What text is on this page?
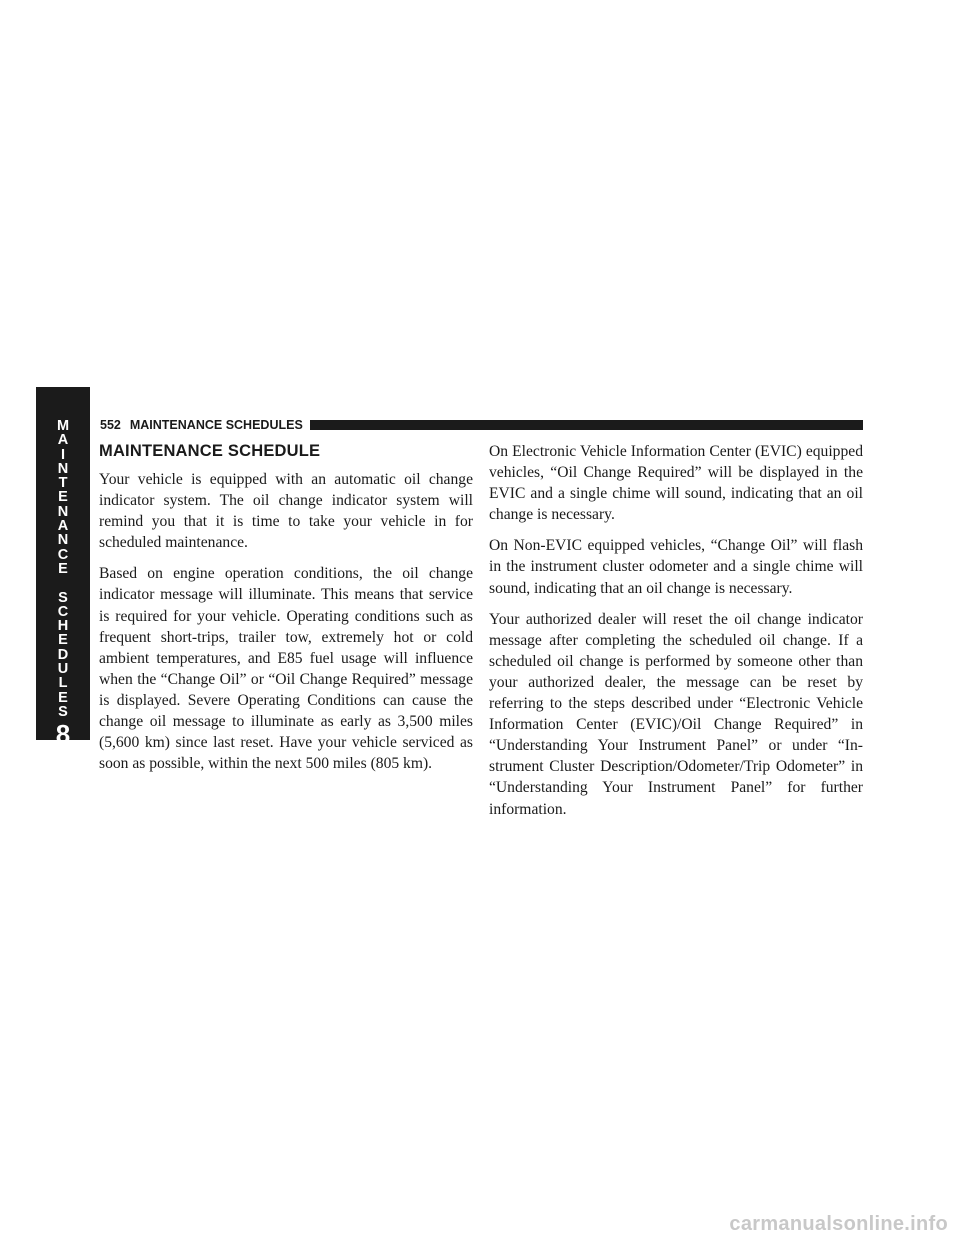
M
A
I
N
T
E
N
A
N
C
E
S
C
H
E
D
U
L
E
S
8
552 MAINTENANCE SCHEDULES
MAINTENANCE SCHEDULE

Your vehicle is equipped with an automatic oil change indicator system. The oil change indicator system will remind you that it is time to take your vehicle in for scheduled maintenance.

Based on engine operation conditions, the oil change indicator message will illuminate. This means that service is required for your vehicle. Operating conditions such as frequent short-trips, trailer tow, extremely hot or cold ambient temperatures, and E85 fuel usage will influence when the “Change Oil” or “Oil Change Required” message is displayed. Severe Operating Conditions can cause the change oil message to illuminate as early as 3,500 miles (5,600 km) since last reset. Have your vehicle serviced as soon as possible, within the next 500 miles (805 km).

On Electronic Vehicle Information Center (EVIC) equipped vehicles, “Oil Change Required” will be displayed in the EVIC and a single chime will sound, indicating that an oil change is necessary.

On Non-EVIC equipped vehicles, “Change Oil” will flash in the instrument cluster odometer and a single chime will sound, indicating that an oil change is necessary.

Your authorized dealer will reset the oil change indicator message after completing the scheduled oil change. If a scheduled oil change is performed by someone other than your authorized dealer, the message can be reset by referring to the steps described under “Electronic Vehicle Information Center (EVIC)/Oil Change Required” in “Understanding Your Instrument Panel” or under “Instrument Cluster Description/Odometer/Trip Odometer” in “Understanding Your Instrument Panel” for further information.

carmanualsonline.info
